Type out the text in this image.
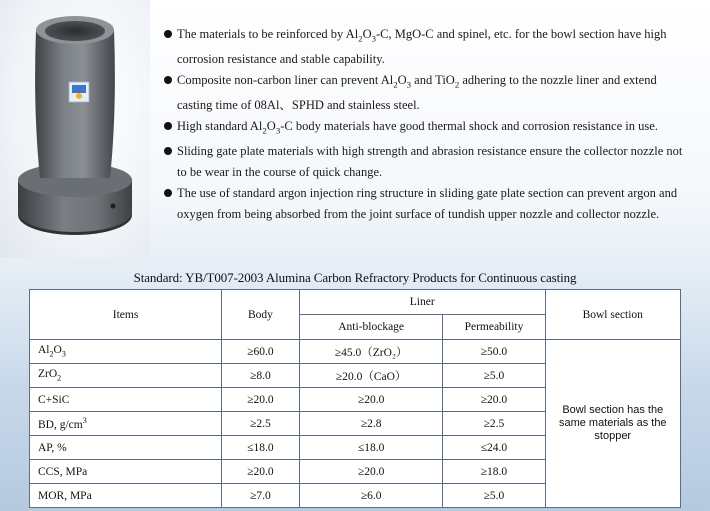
The materials to be reinforced by $Al_2O_3-C$, MgO-C and spinel, etc. for the bowl section have high corrosion resistance and stable capability.

Composite non-carbon liner can prevent $Al_2O_3$ and TiO$_2$ adhering to the nozzle liner and extend casting time of 08Al、SPHD and stainless steel.

High standard $Al_2O_3-C$ body materials have good thermal shock and corrosion resistance in use.

Sliding gate plate materials with high strength and abrasion resistance ensure the collector nozzle not to be wear in the course of quick change.

The use of standard argon injection ring structure in sliding gate plate section can prevent argon and oxygen from being absorbed from the joint surface of tundish upper nozzle and collector nozzle.

Standard: YB/T007-2003 Alumina Carbon Refractory Products for Continuous casting
Items	Body	Liner		Bowl section
		Anti-blockage	Permeability	
$Al_2O_3$	≥60.0	≥45.0（ZrO₂）	≥50.0	Bowl section has the same materials as the stopper
ZrO$_2$	≥8.0	≥20.0（CaO）	≥5.0	
C+SiC	≥20.0	≥20.0	≥20.0	
BD, $g/cm^3$	≥2.5	≥2.8	≥2.5	
AP, %	≤18.0	≤18.0	≤24.0	
CCS, MPa	≥20.0	≥20.0	≥18.0	
MOR, MPa	≥7.0	≥6.0	≥5.0	
